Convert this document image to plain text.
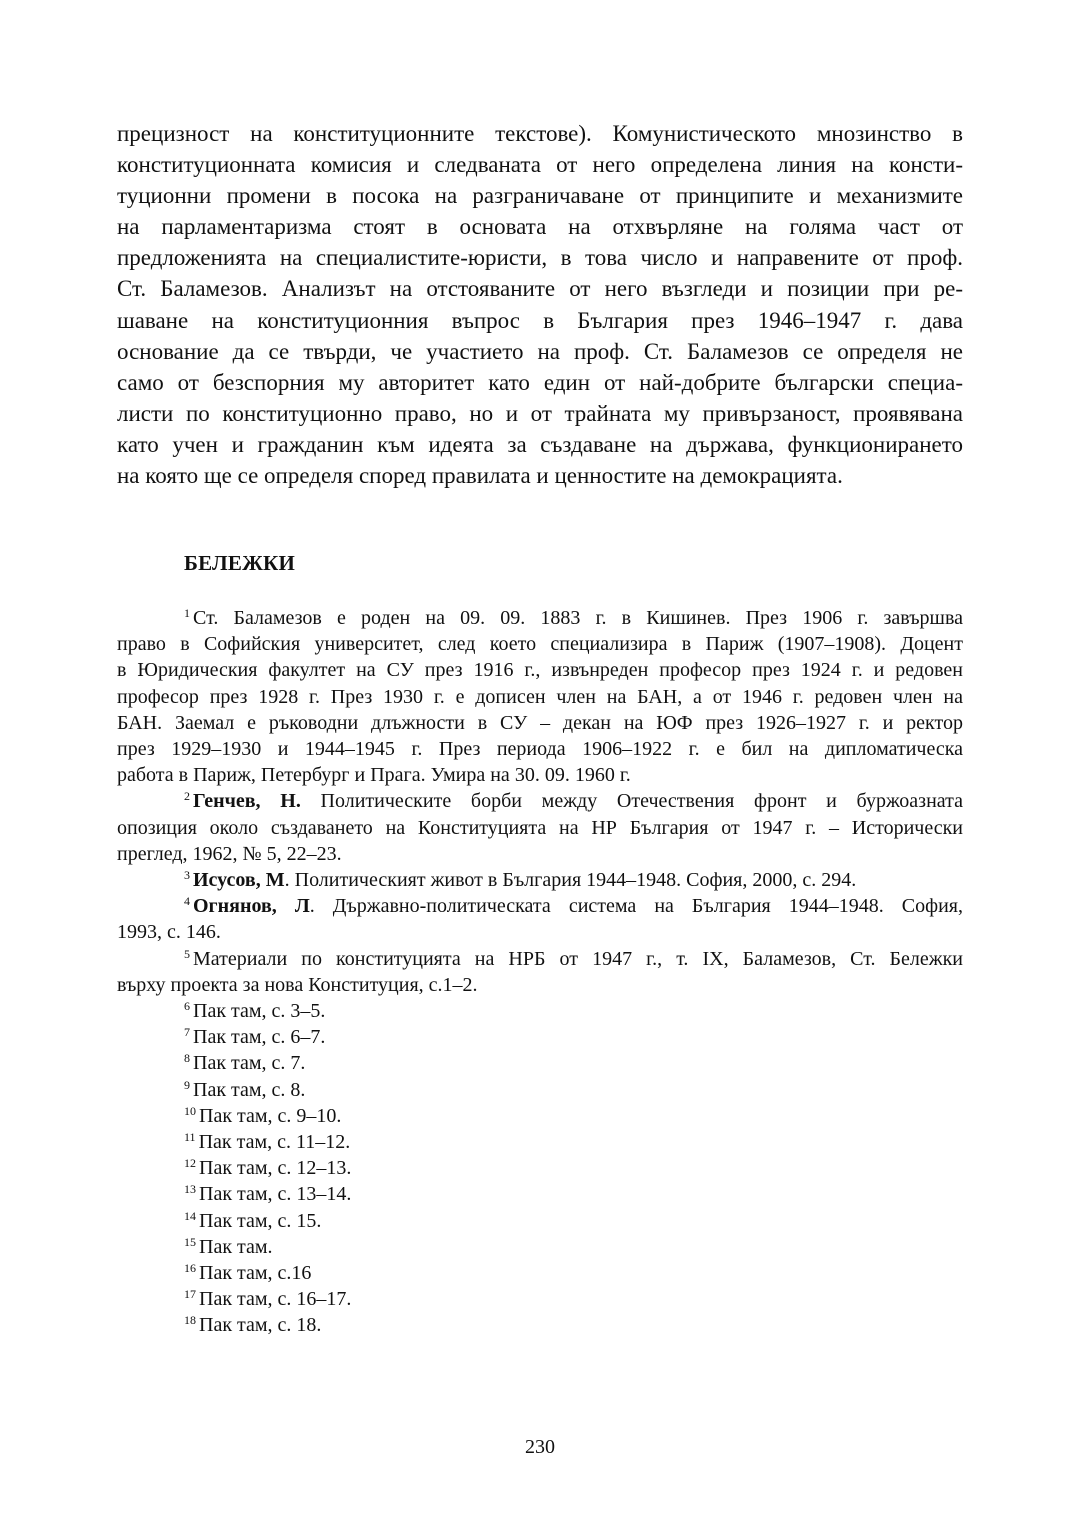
прецизност на конституционните текстове). Комунистическото мнозинство в
конституционната комисия и следваната от него определена линия на консти-
туционни промени в посока на разграничаване от принципите и механизмите
на парламентаризма стоят в основата на отхвърляне на голяма част от
предложенията на специалистите-юристи, в това число и направените от проф.
Ст. Баламезов. Анализът на отстояваните от него възгледи и позиции при ре-
шаване на конституционния въпрос в България през 1946–1947 г. дава
основание да се твърди, че участието на проф. Ст. Баламезов се определя не
само от безспорния му авторитет като един от най-добрите български специа-
листи по конституционно право, но и от трайната му привързаност, проявявана
като учен и гражданин към идеята за създаване на държава, функционирането
на която ще се определя според правилата и ценностите на демокрацията.
БЕЛЕЖКИ
$^1$ Ст. Баламезов е роден на 09. 09. 1883 г. в Кишинев. През 1906 г. завършва
право в Софийския университет, след което специализира в Париж (1907–1908). Доцент
в Юридическия факултет на СУ през 1916 г., извънреден професор през 1924 г. и редовен
професор през 1928 г. През 1930 г. е дописен член на БАН, а от 1946 г. редовен член на
БАН. Заемал е ръководни длъжности в СУ – декан на ЮФ през 1926–1927 г. и ректор
през 1929–1930 и 1944–1945 г. През периода 1906–1922 г. е бил на дипломатическа
работа в Париж, Петербург и Прага. Умира на 30. 09. 1960 г.
$^2$ Генчев, Н. Политическите борби между Отечествения фронт и буржоазната
опозиция около създаването на Конституцията на НР България от 1947 г. – Исторически
преглед, 1962, № 5, 22–23.
$^3$ Исусов, М. Политическият живот в България 1944–1948. София, 2000, с. 294.
$^4$ Огнянов, Л. Държавно-политическата система на България 1944–1948. София,
1993, с. 146.
$^5$ Материали по конституцията на НРБ от 1947 г., т. IX, Баламезов, Ст. Бележки
върху проекта за нова Конституция, с.1–2.
$^6$ Пак там, с. 3–5.
$^7$ Пак там, с. 6–7.
$^8$ Пак там, с. 7.
$^9$ Пак там, с. 8.
$^{10}$ Пак там, с. 9–10.
$^{11}$ Пак там, с. 11–12.
$^{12}$ Пак там, с. 12–13.
$^{13}$ Пак там, с. 13–14.
$^{14}$ Пак там, с. 15.
$^{15}$ Пак там.
$^{16}$ Пак там, с.16
$^{17}$ Пак там, с. 16–17.
$^{18}$ Пак там, с. 18.
230
